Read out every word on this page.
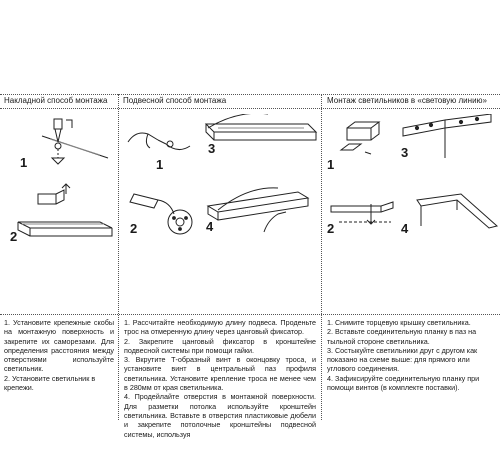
Накладной способ монтажа
1
2

1. Установите крепежные скобы на монтажную поверхность и закрепите их саморезами. Для определения расстояния между отверстиями используйте светильник.

2. Установите светильник в крепежи.

Подвесной способ монтажа
1
3
2	4

1. Рассчитайте необходимую длину подвеса. Проденьте трос на отмеренную длину через цанговый фиксатор.

2. Закрепите цанговый фиксатор в кронштейне подвесной системы при помощи гайки.

3. Вкрутите Т-образный винт в оконцовку троса, и установите винт в центральный паз профиля светильника. Установите крепление троса не менее чем в 280мм от края светильника.

4. Продейлайте отверстия в монтажной поверхности. Для разметки потолка используйте кронштейн светильника. Вставьте в отверстия пластиковые дюбели и закрепите потолочные кронштейны подвесной системы, используя

Монтаж светильников в «световую линию»
1
3
2	4

1. Снимите торцевую крышку светильника.

2. Вставьте соединительную планку в паз на тыльной стороне светильника.

3. Состыкуйте светильники друг с другом как показано на схеме выше: для прямого или углового соединения.

4. Зафиксируйте соединительную планку при помощи винтов (в комплекте поставки).
